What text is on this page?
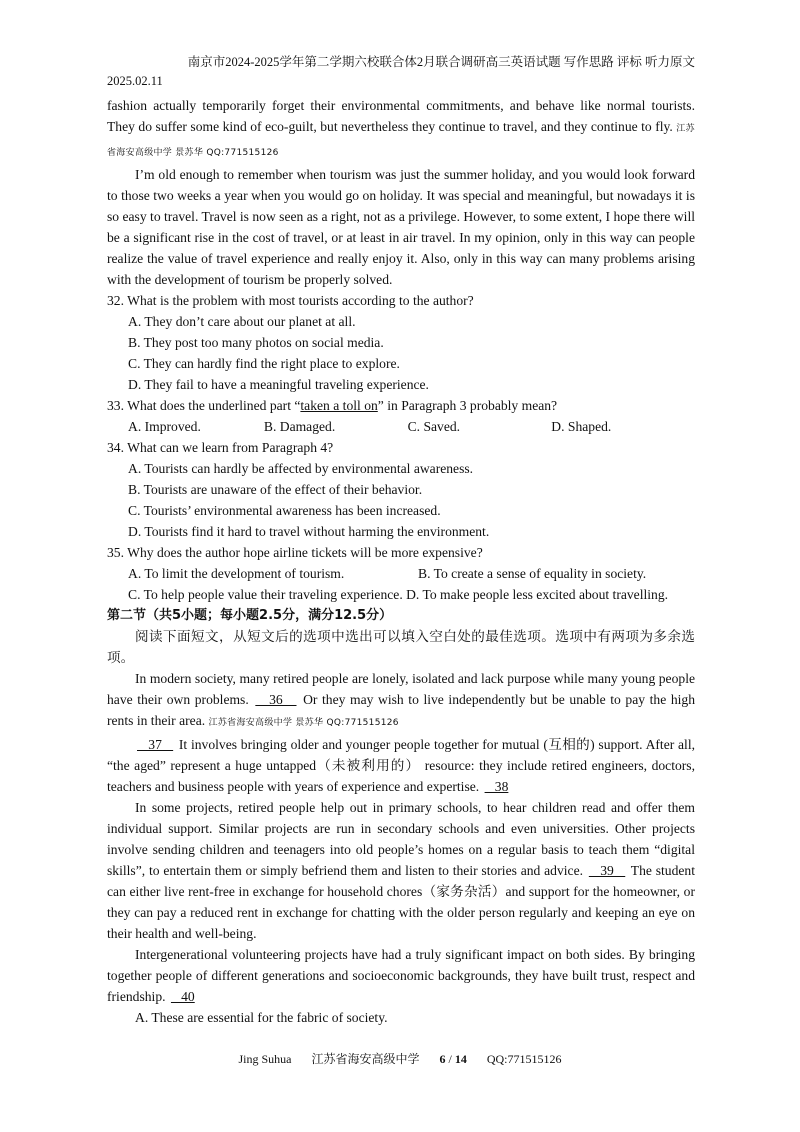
南京市2024-2025学年第二学期六校联合体2月联合调研高三英语试题 写作思路 评标 听力原文
2025.02.11

fashion actually temporarily forget their environmental commitments, and behave like normal tourists. They do suffer some kind of eco-guilt, but nevertheless they continue to travel, and they continue to fly. 江苏省海安高级中学 景苏华 QQ:771515126

I’m old enough to remember when tourism was just the summer holiday, and you would look forward to those two weeks a year when you would go on holiday. It was special and meaningful, but nowadays it is so easy to travel. Travel is now seen as a right, not as a privilege. However, to some extent, I hope there will be a significant rise in the cost of travel, or at least in air travel. In my opinion, only in this way can people realize the value of travel experience and really enjoy it. Also, only in this way can many problems arising with the development of tourism be properly solved.

32. What is the problem with most tourists according to the author?

A. They don’t care about our planet at all.

B. They post too many photos on social media.

C. They can hardly find the right place to explore.

D. They fail to have a meaningful traveling experience.

33. What does the underlined part “taken a toll on” in Paragraph 3 probably mean?

A. Improved.	B. Damaged.	C. Saved.	D. Shaped.

34. What can we learn from Paragraph 4?

A. Tourists can hardly be affected by environmental awareness.

B. Tourists are unaware of the effect of their behavior.

C. Tourists’ environmental awareness has been increased.

D. Tourists find it hard to travel without harming the environment.

35. Why does the author hope airline tickets will be more expensive?

A. To limit the development of tourism.	B. To create a sense of equality in society.

C. To help people value their traveling experience. D. To make people less excited about travelling.

第二节（共5小题；每小题2.5分，满分12.5分）

阅读下面短文，从短文后的选项中选出可以填入空白处的最佳选项。选项中有两项为多余选项。

In modern society, many retired people are lonely, isolated and lack purpose while many young people have their own problems.    36    Or they may wish to live independently but be unable to pay the high rents in their area. 江苏省海安高级中学 景苏华 QQ:771515126

37    It involves bringing older and younger people together for mutual (互相的) support. After all, “the aged” represent a huge untapped（未被利用的） resource: they include retired engineers, doctors, teachers and business people with years of experience and expertise.    38

In some projects, retired people help out in primary schools, to hear children read and offer them individual support. Similar projects are run in secondary schools and even universities. Other projects involve sending children and teenagers into old people’s homes on a regular basis to teach them “digital skills”, to entertain them or simply befriend them and listen to their stories and advice.    39    The student can either live rent-free in exchange for household chores（家务杂活）and support for the homeowner, or they can pay a reduced rent in exchange for chatting with the older person regularly and keeping an eye on their health and well-being.

Intergenerational volunteering projects have had a truly significant impact on both sides. By bringing together people of different generations and socioeconomic backgrounds, they have built trust, respect and friendship.    40

A. These are essential for the fabric of society.

Jing Suhua 江苏省海安高级中学 6 / 14 QQ:771515126
